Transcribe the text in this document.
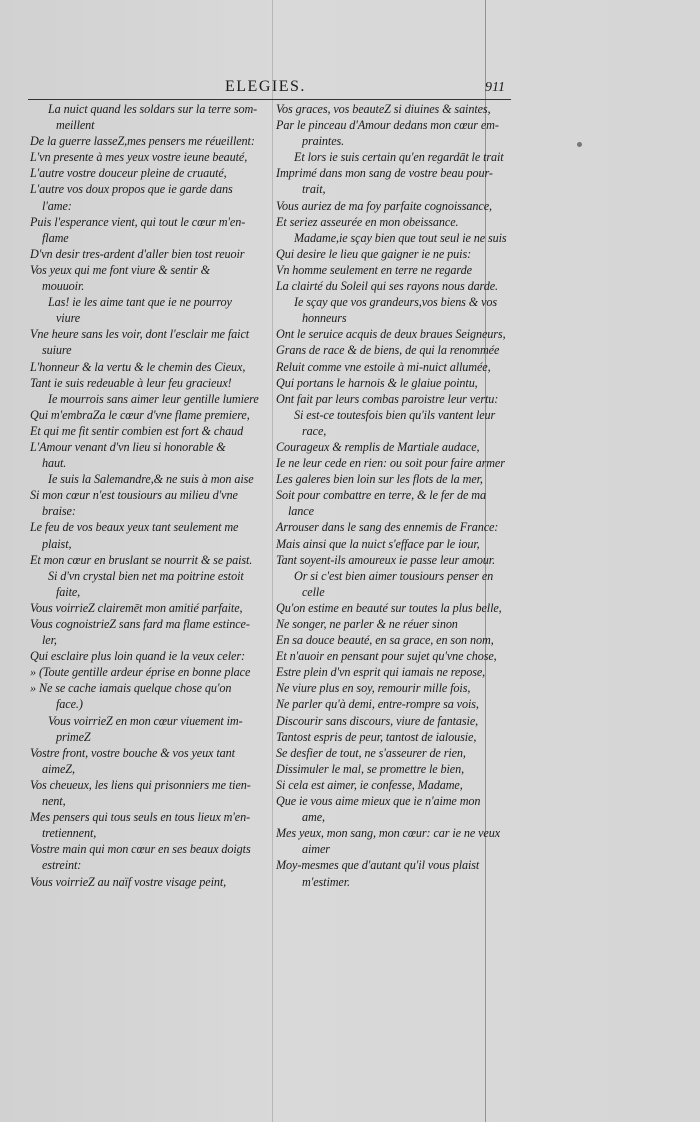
ELEGIES.	911
La nuict quand les soldars sur la terre som-
meillent
De la guerre lasseZ,mes pensers me réueillent:
L'vn presente à mes yeux vostre ieune beauté,
L'autre vostre douceur pleine de cruauté,
L'autre vos doux propos que ie garde dans
l'ame:
Puis l'esperance vient, qui tout le cœur m'en-
flame
D'vn desir tres-ardent d'aller bien tost reuoir
Vos yeux qui me font viure & sentir &
mouuoir.
Las! ie les aime tant que ie ne pourroy
viure
Vne heure sans les voir, dont l'esclair me faict
suiure
L'honneur & la vertu & le chemin des Cieux,
Tant ie suis redeuable à leur feu gracieux!
Ie mourrois sans aimer leur gentille lumiere
Qui m'embraZa le cœur d'vne flame premiere,
Et qui me fit sentir combien est fort & chaud
L'Amour venant d'vn lieu si honorable &
haut.
Ie suis la Salemandre,& ne suis à mon aise
Si mon cœur n'est tousiours au milieu d'vne
braise:
Le feu de vos beaux yeux tant seulement me
plaist,
Et mon cœur en bruslant se nourrit & se paist.
Si d'vn crystal bien net ma poitrine estoit
faite,
Vous voirrieZ clairemēt mon amitié parfaite,
Vous cognoistrieZ sans fard ma flame estince-
ler,
Qui esclaire plus loin quand ie la veux celer:
» (Toute gentille ardeur éprise en bonne place
» Ne se cache iamais quelque chose qu'on
face.)
Vous voirrieZ en mon cœur viuement im-
primeZ
Vostre front, vostre bouche & vos yeux tant
aimeZ,
Vos cheueux, les liens qui prisonniers me tien-
nent,
Mes pensers qui tous seuls en tous lieux m'en-
tretiennent,
Vostre main qui mon cœur en ses beaux doigts
estreint:
Vous voirrieZ au naïf vostre visage peint,
Vos graces, vos beauteZ si diuines & saintes,
Par le pinceau d'Amour dedans mon cœur em-
praintes.
Et lors ie suis certain qu'en regardāt le trait
Imprimé dans mon sang de vostre beau pour-
trait,
Vous auriez de ma foy parfaite cognoissance,
Et seriez asseurée en mon obeissance.
Madame,ie sçay bien que tout seul ie ne suis
Qui desire le lieu que gaigner ie ne puis:
Vn homme seulement en terre ne regarde
La clairté du Soleil qui ses rayons nous darde.
Ie sçay que vos grandeurs,vos biens & vos
honneurs
Ont le seruice acquis de deux braues Seigneurs,
Grans de race & de biens, de qui la renommée
Reluit comme vne estoile à mi-nuict allumée,
Qui portans le harnois & le glaiue pointu,
Ont fait par leurs combas paroistre leur vertu:
Si est-ce toutesfois bien qu'ils vantent leur
race,
Courageux & remplis de Martiale audace,
Ie ne leur cede en rien: ou soit pour faire armer
Les galeres bien loin sur les flots de la mer,
Soit pour combattre en terre, & le fer de ma
lance
Arrouser dans le sang des ennemis de France:
Mais ainsi que la nuict s'efface par le iour,
Tant soyent-ils amoureux ie passe leur amour.
Or si c'est bien aimer tousiours penser en
celle
Qu'on estime en beauté sur toutes la plus belle,
Ne songer, ne parler & ne réuer sinon
En sa douce beauté, en sa grace, en son nom,
Et n'auoir en pensant pour sujet qu'vne chose,
Estre plein d'vn esprit qui iamais ne repose,
Ne viure plus en soy, remourir mille fois,
Ne parler qu'à demi, entre-rompre sa vois,
Discourir sans discours, viure de fantasie,
Tantost espris de peur, tantost de ialousie,
Se desfier de tout, ne s'asseurer de rien,
Dissimuler le mal, se promettre le bien,
Si cela est aimer, ie confesse, Madame,
Que ie vous aime mieux que ie n'aime mon
ame,
Mes yeux, mon sang, mon cœur: car ie ne veux
aimer
Moy-mesmes que d'autant qu'il vous plaist
m'estimer.
